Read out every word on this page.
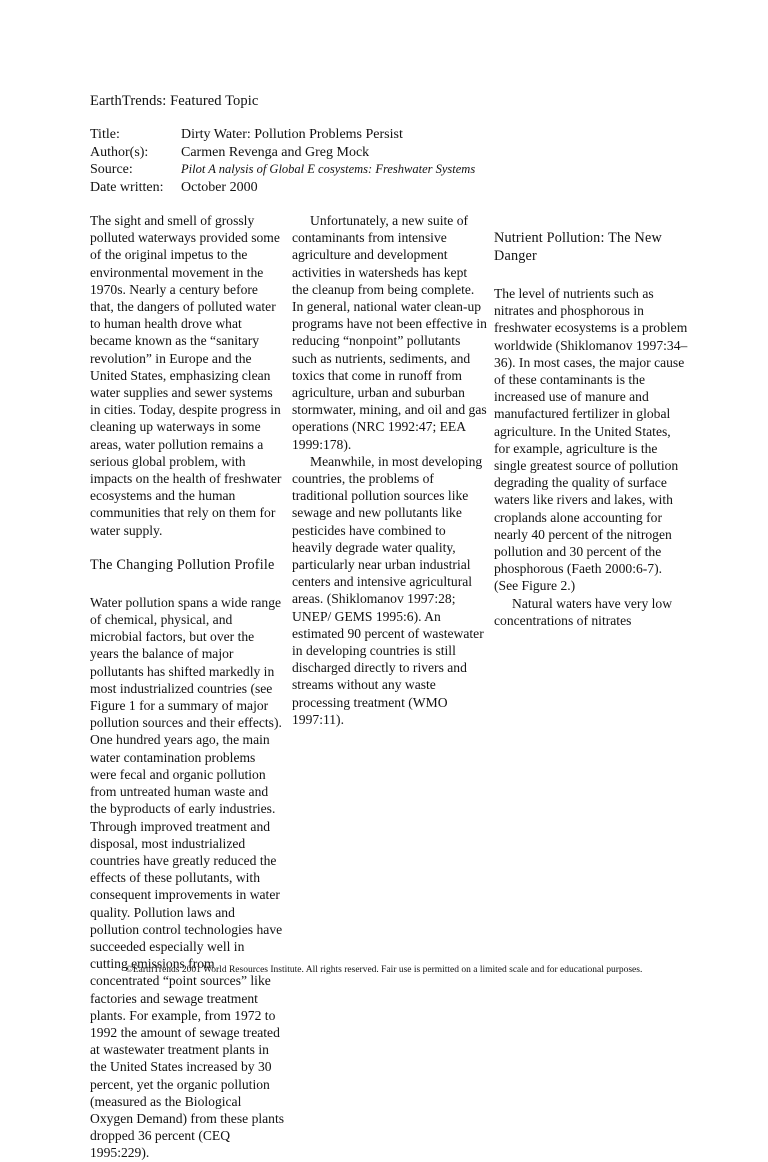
EarthTrends: Featured Topic
Title:	Dirty Water: Pollution Problems Persist
Author(s):	Carmen Revenga and Greg Mock
Source:	Pilot A nalysis of Global E cosystems: Freshwater Systems
Date written:	October 2000

The sight and smell of grossly polluted waterways provided some of the original impetus to the environmental movement in the 1970s. Nearly a century before that, the dangers of polluted water to human health drove what became known as the “sanitary revolution” in Europe and the United States, emphasizing clean water supplies and sewer systems in cities. Today, despite progress in cleaning up waterways in some areas, water pollution remains a serious global problem, with impacts on the health of freshwater ecosystems and the human communities that rely on them for water supply.

The Changing Pollution Profile

Water pollution spans a wide range of chemical, physical, and microbial factors, but over the years the balance of major pollutants has shifted markedly in most industrialized countries (see Figure 1 for a summary of major pollution sources and their effects). One hundred years ago, the main water contamination problems were fecal and organic pollution from untreated human waste and the byproducts of early industries. Through improved treatment and disposal, most industrialized countries have greatly reduced the effects of these pollutants, with consequent improvements in water quality. Pollution laws and pollution control technologies have succeeded especially well in cutting emissions from concentrated “point sources” like factories and sewage treatment plants. For example, from 1972 to 1992 the amount of sewage treated at wastewater treatment plants in the United States increased by 30 percent, yet the organic pollution (measured as the Biological Oxygen Demand) from these plants dropped 36 percent (CEQ 1995:229).

Unfortunately, a new suite of contaminants from intensive agriculture and development activities in watersheds has kept the cleanup from being complete. In general, national water clean-up programs have not been effective in reducing “nonpoint” pollutants such as nutrients, sediments, and toxics that come in runoff from agriculture, urban and suburban stormwater, mining, and oil and gas operations (NRC 1992:47; EEA 1999:178).

Meanwhile, in most developing countries, the problems of traditional pollution sources like sewage and new pollutants like pesticides have combined to heavily degrade water quality, particularly near urban industrial centers and intensive agricultural areas. (Shiklomanov 1997:28; UNEP/ GEMS 1995:6). An estimated 90 percent of wastewater in developing countries is still discharged directly to rivers and streams without any waste processing treatment (WMO 1997:11).

Nutrient Pollution: The New Danger

The level of nutrients such as nitrates and phosphorous in freshwater ecosystems is a problem worldwide (Shiklomanov 1997:34–36). In most cases, the major cause of these contaminants is the increased use of manure and manufactured fertilizer in global agriculture. In the United States, for example, agriculture is the single greatest source of pollution degrading the quality of surface waters like rivers and lakes, with croplands alone accounting for nearly 40 percent of the nitrogen pollution and 30 percent of the phosphorous (Faeth 2000:6-7). (See Figure 2.)

Natural waters have very low concentrations of nitrates

©EarthTrends 2001 World Resources Institute. All rights reserved. Fair use is permitted on a limited scale and for educational purposes.
